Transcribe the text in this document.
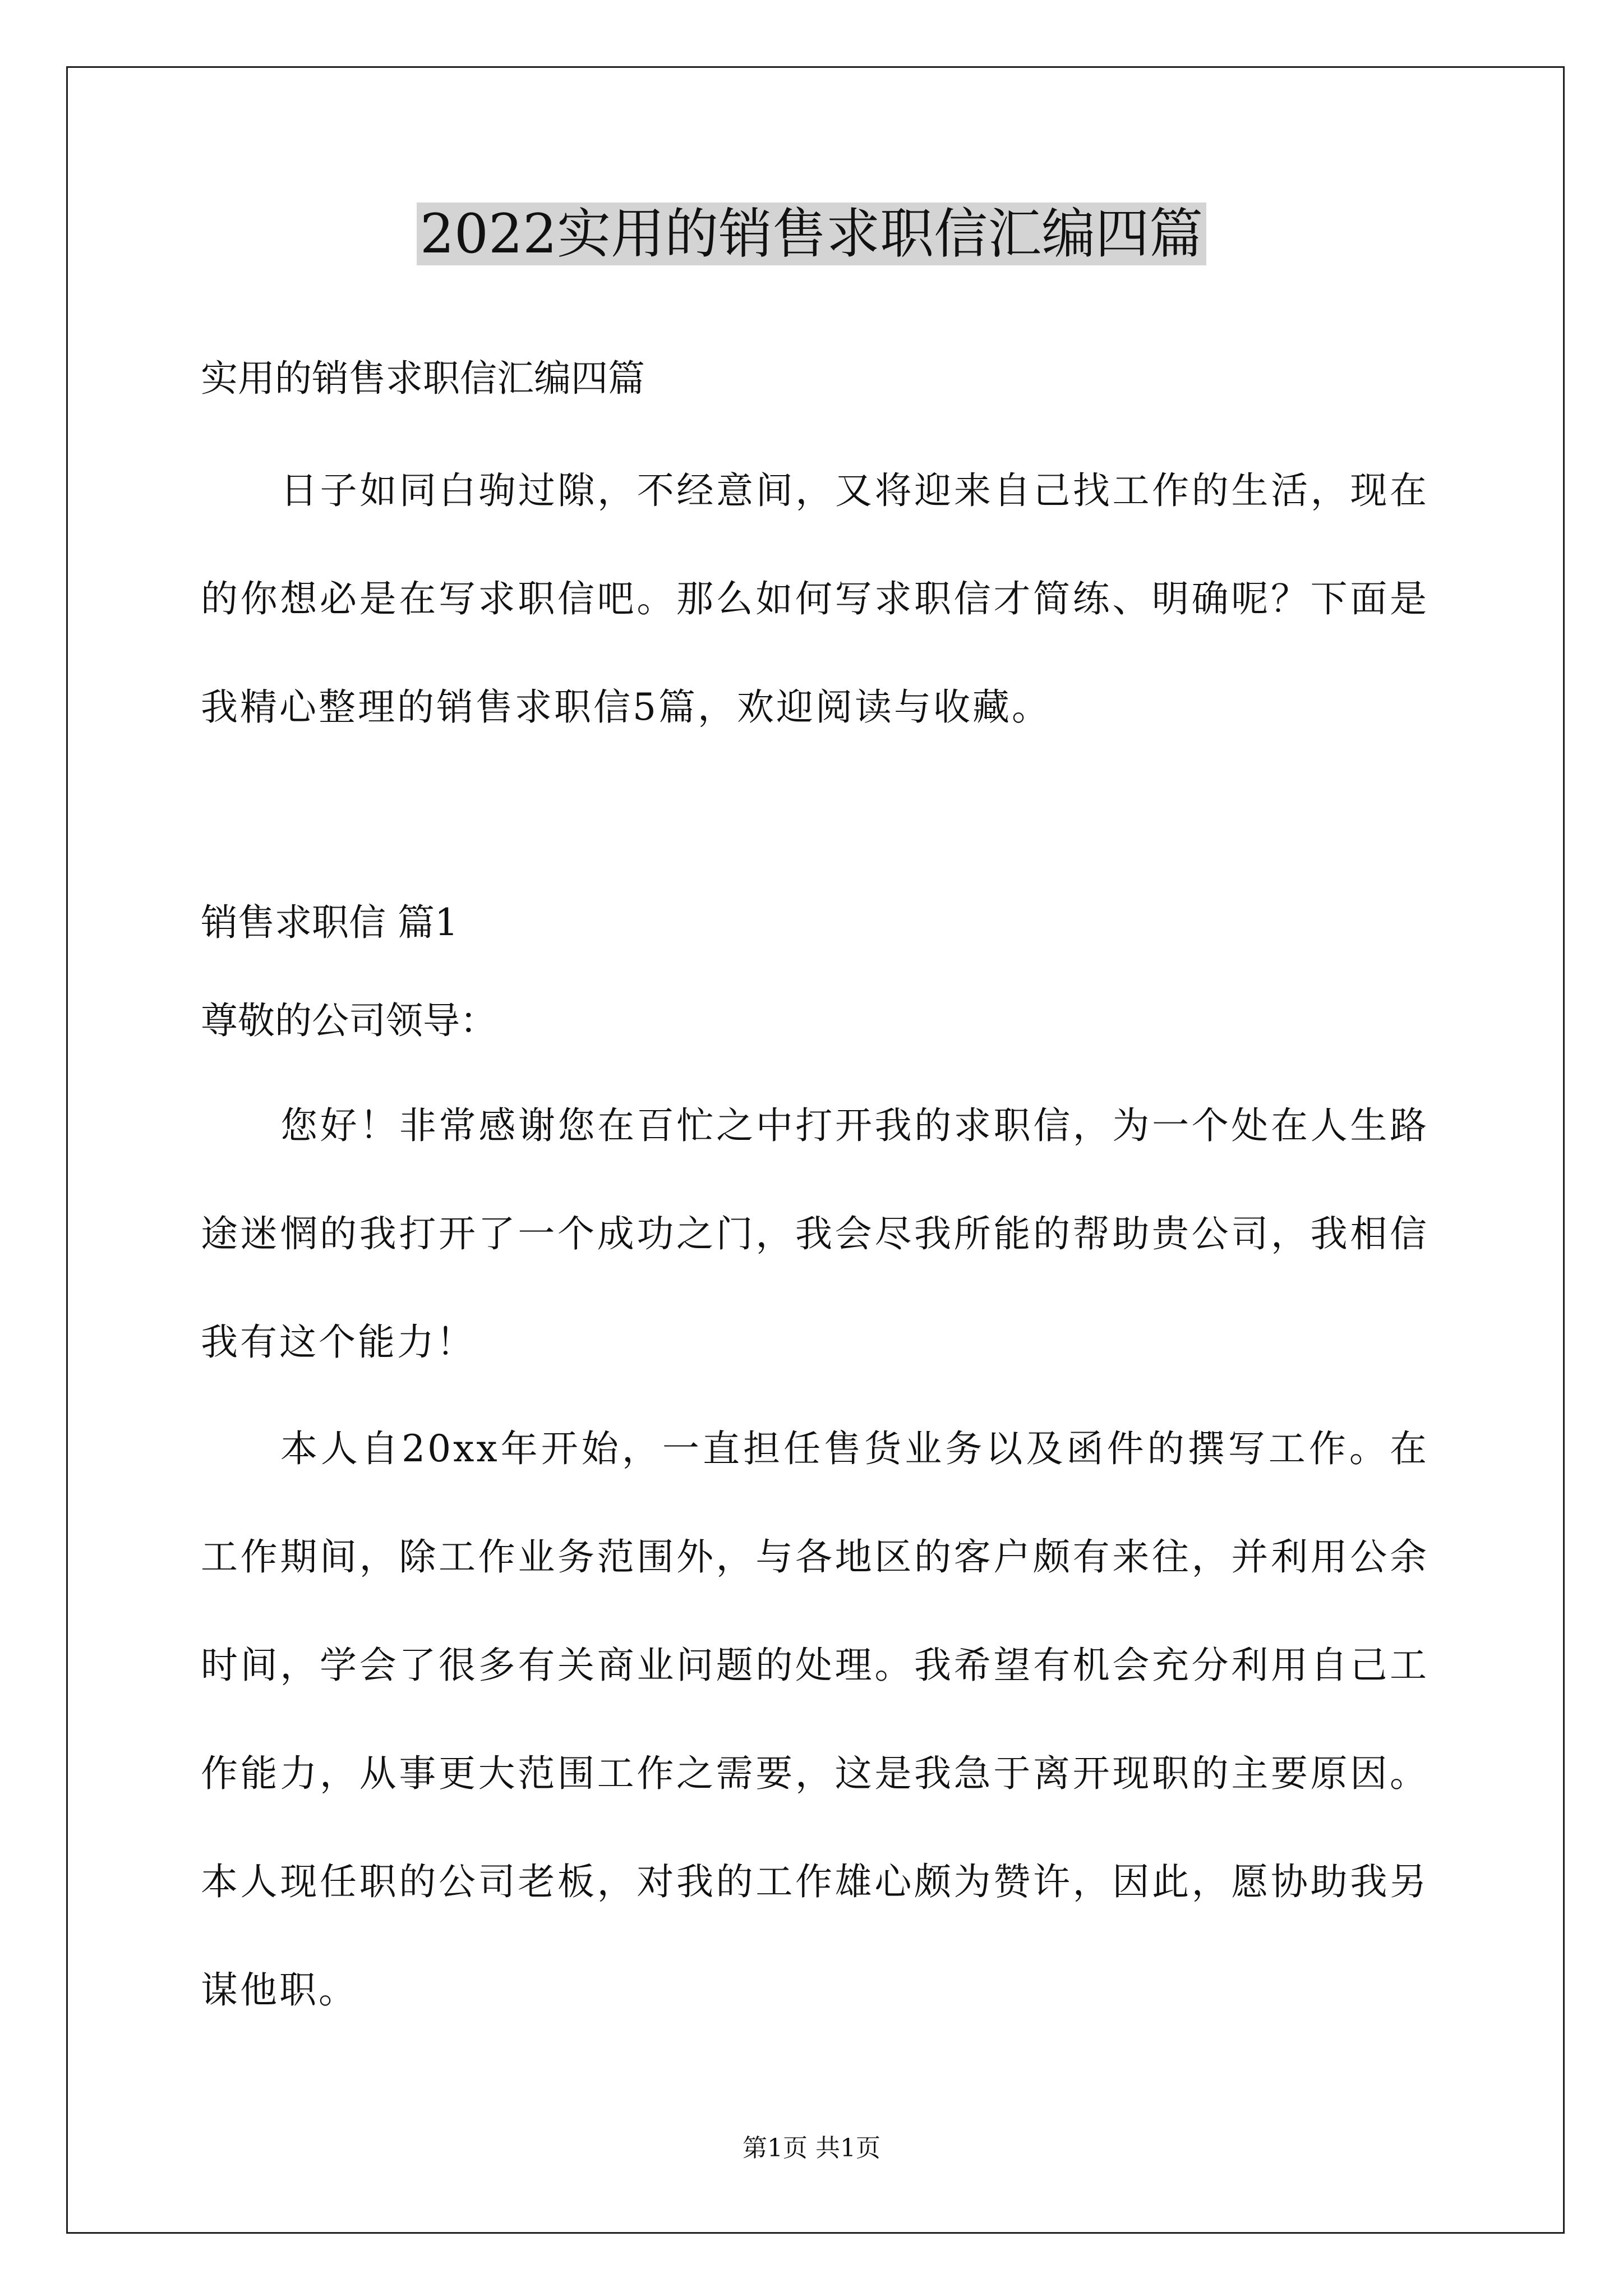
2022实用的销售求职信汇编四篇
实用的销售求职信汇编四篇
日子如同白驹过隙，不经意间，又将迎来自己找工作的生活，现在的你想必是在写求职信吧。那么如何写求职信才简练、明确呢？下面是我精心整理的销售求职信5篇，欢迎阅读与收藏。
销售求职信 篇1
尊敬的公司领导：
您好！非常感谢您在百忙之中打开我的求职信，为一个处在人生路途迷惘的我打开了一个成功之门，我会尽我所能的帮助贵公司，我相信我有这个能力！
本人自20xx年开始，一直担任售货业务以及函件的撰写工作。在工作期间，除工作业务范围外，与各地区的客户颇有来往，并利用公余时间，学会了很多有关商业问题的处理。我希望有机会充分利用自己工作能力，从事更大范围工作之需要，这是我急于离开现职的主要原因。本人现任职的公司老板，对我的工作雄心颇为赞许，因此，愿协助我另谋他职。
第1页 共1页
